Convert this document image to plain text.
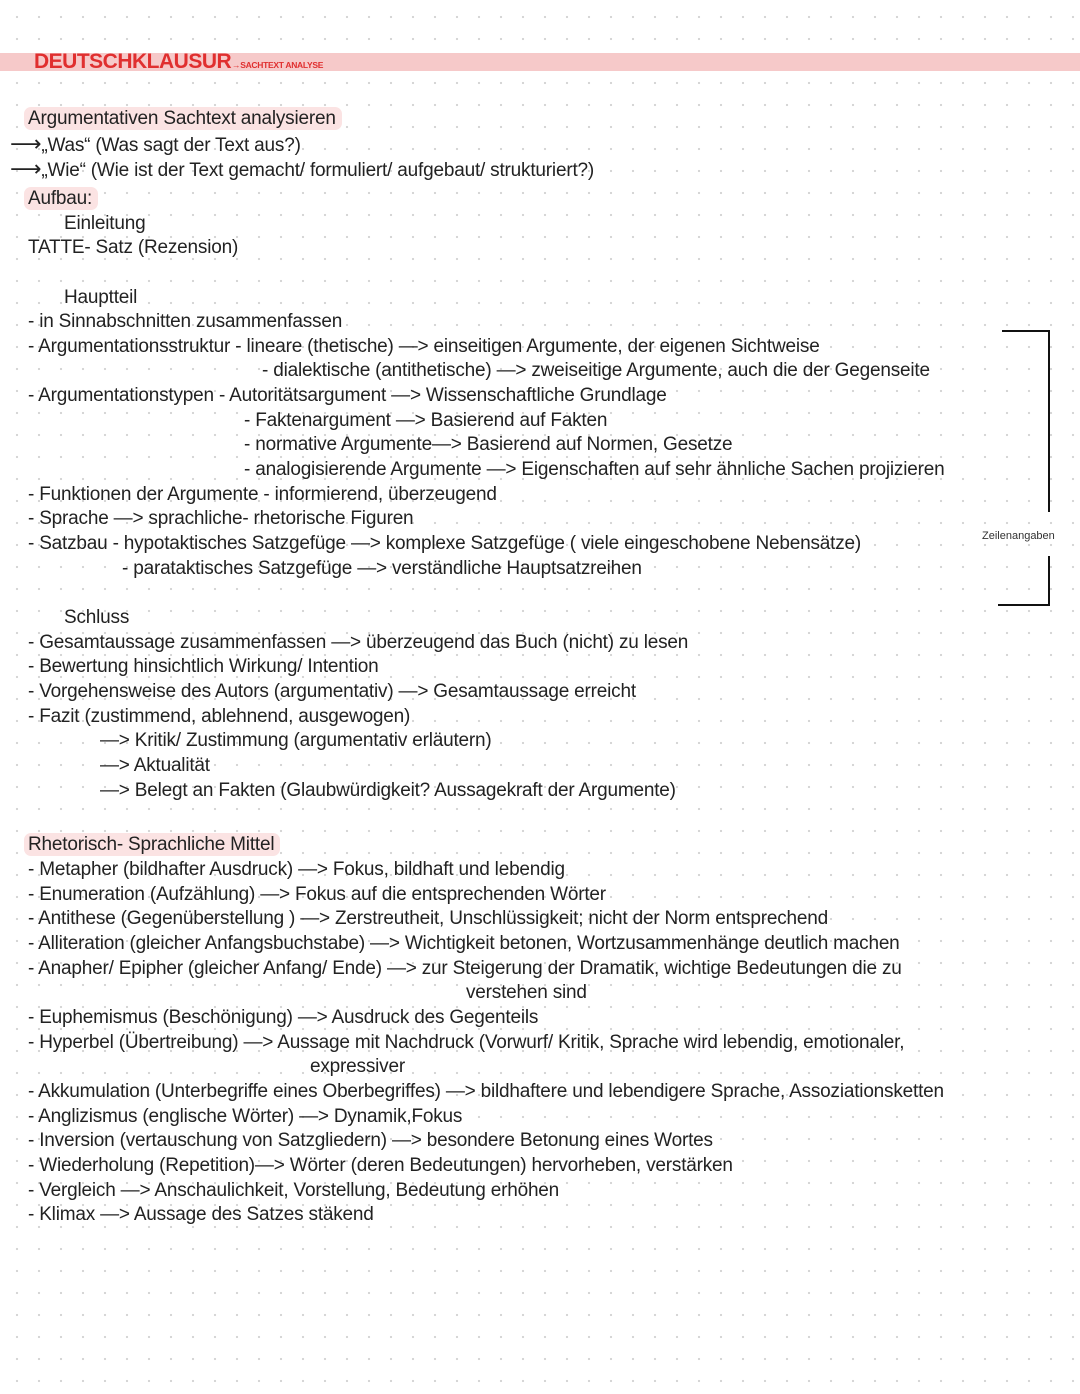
DEUTSCHKLAUSUR →SACHTEXT ANALYSE
Argumentativen Sachtext analysieren
⟶„Was“ (Was sagt der Text aus?)
⟶„Wie“ (Wie ist der Text gemacht/ formuliert/ aufgebaut/ strukturiert?)
Aufbau:
Einleitung
TATTE- Satz (Rezension)
Hauptteil
- in Sinnabschnitten zusammenfassen
- Argumentationsstruktur - lineare (thetische) —> einseitigen Argumente, der eigenen Sichtweise
- dialektische (antithetische) —> zweiseitige Argumente, auch die der Gegenseite
- Argumentationstypen - Autoritätsargument —> Wissenschaftliche Grundlage
- Faktenargument —> Basierend auf Fakten
- normative Argumente—> Basierend auf Normen, Gesetze
- analogisierende Argumente —> Eigenschaften auf sehr ähnliche Sachen projizieren
- Funktionen der Argumente - informierend, überzeugend
- Sprache —> sprachliche- rhetorische Figuren
- Satzbau - hypotaktisches Satzgefüge —> komplexe Satzgefüge ( viele eingeschobene Nebensätze)
- parataktisches Satzgefüge —> verständliche Hauptsatzreihen
Zeilenangaben
Schluss
- Gesamtaussage zusammenfassen —> überzeugend das Buch (nicht) zu lesen
- Bewertung hinsichtlich Wirkung/ Intention
- Vorgehensweise des Autors (argumentativ) —> Gesamtaussage erreicht
- Fazit (zustimmend, ablehnend, ausgewogen)
—> Kritik/ Zustimmung (argumentativ erläutern)
—> Aktualität
—> Belegt an Fakten (Glaubwürdigkeit? Aussagekraft der Argumente)
Rhetorisch- Sprachliche Mittel
- Metapher (bildhafter Ausdruck) —> Fokus, bildhaft und lebendig
- Enumeration (Aufzählung) —> Fokus auf die entsprechenden Wörter
- Antithese (Gegenüberstellung ) —> Zerstreutheit, Unschlüssigkeit; nicht der Norm entsprechend
- Alliteration (gleicher Anfangsbuchstabe) —> Wichtigkeit betonen, Wortzusammenhänge deutlich machen
- Anapher/ Epipher (gleicher Anfang/ Ende) —> zur Steigerung der Dramatik, wichtige Bedeutungen die zu
verstehen sind
- Euphemismus (Beschönigung) —> Ausdruck des Gegenteils
- Hyperbel (Übertreibung) —> Aussage mit Nachdruck (Vorwurf/ Kritik, Sprache wird lebendig, emotionaler,
expressiver
- Akkumulation (Unterbegriffe eines Oberbegriffes) —> bildhaftere und lebendigere Sprache, Assoziationsketten
- Anglizismus (englische Wörter) —> Dynamik,Fokus
- Inversion (vertauschung von Satzgliedern) —> besondere Betonung eines Wortes
- Wiederholung (Repetition)—> Wörter (deren Bedeutungen) hervorheben, verstärken
- Vergleich —> Anschaulichkeit, Vorstellung, Bedeutung erhöhen
- Klimax —> Aussage des Satzes stäkend
